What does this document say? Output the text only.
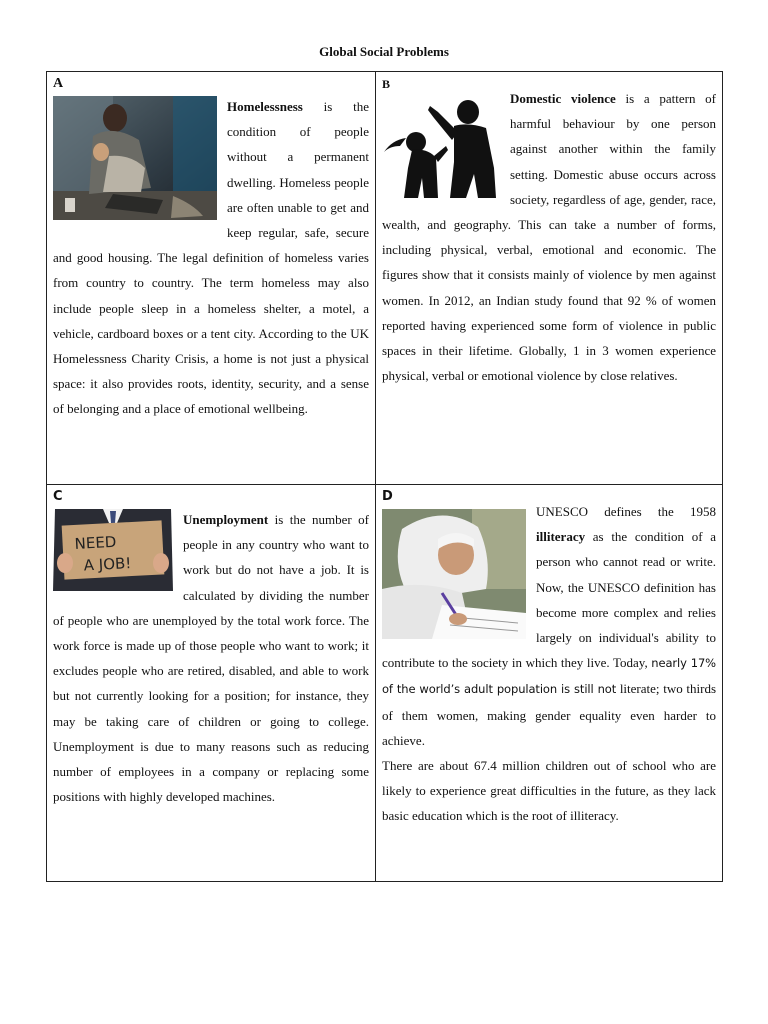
Global Social Problems
A

Homelessness is the condition of people without a permanent dwelling. Homeless people are often unable to get and keep regular, safe, secure and good housing. The legal definition of homeless varies from country to country. The term homeless may also include people sleep in a homeless shelter, a motel, a vehicle, cardboard boxes or a tent city. According to the UK Homelessness Charity Crisis, a home is not just a physical space: it also provides roots, identity, security, and a sense of belonging and a place of emotional wellbeing.

B

Domestic violence is a pattern of harmful behaviour by one person against another within the family setting. Domestic abuse occurs across society, regardless of age, gender, race, wealth, and geography. This can take a number of forms, including physical, verbal, emotional and economic. The figures show that it consists mainly of violence by men against women. In 2012, an Indian study found that 92 % of women reported having experienced some form of violence in public spaces in their lifetime. Globally, 1 in 3 women experience physical, verbal or emotional violence by close relatives.

C
NEED
A JOB!

Unemployment is the number of people in any country who want to work but do not have a job. It is calculated by dividing the number of people who are unemployed by the total work force. The work force is made up of those people who want to work; it excludes people who are retired, disabled, and able to work but not currently looking for a position; for instance, they may be taking care of children or going to college. Unemployment is due to many reasons such as reducing number of employees in a company or replacing some positions with highly developed machines.

D

UNESCO defines the 1958 illiteracy as the condition of a person who cannot read or write. Now, the UNESCO definition has become more complex and relies largely on individual's ability to contribute to the society in which they live. Today, nearly 17% of the world’s adult population is still not literate; two thirds of them women, making gender equality even harder to achieve.

There are about 67.4 million children out of school who are likely to experience great difficulties in the future, as they lack basic education which is the root of illiteracy.
